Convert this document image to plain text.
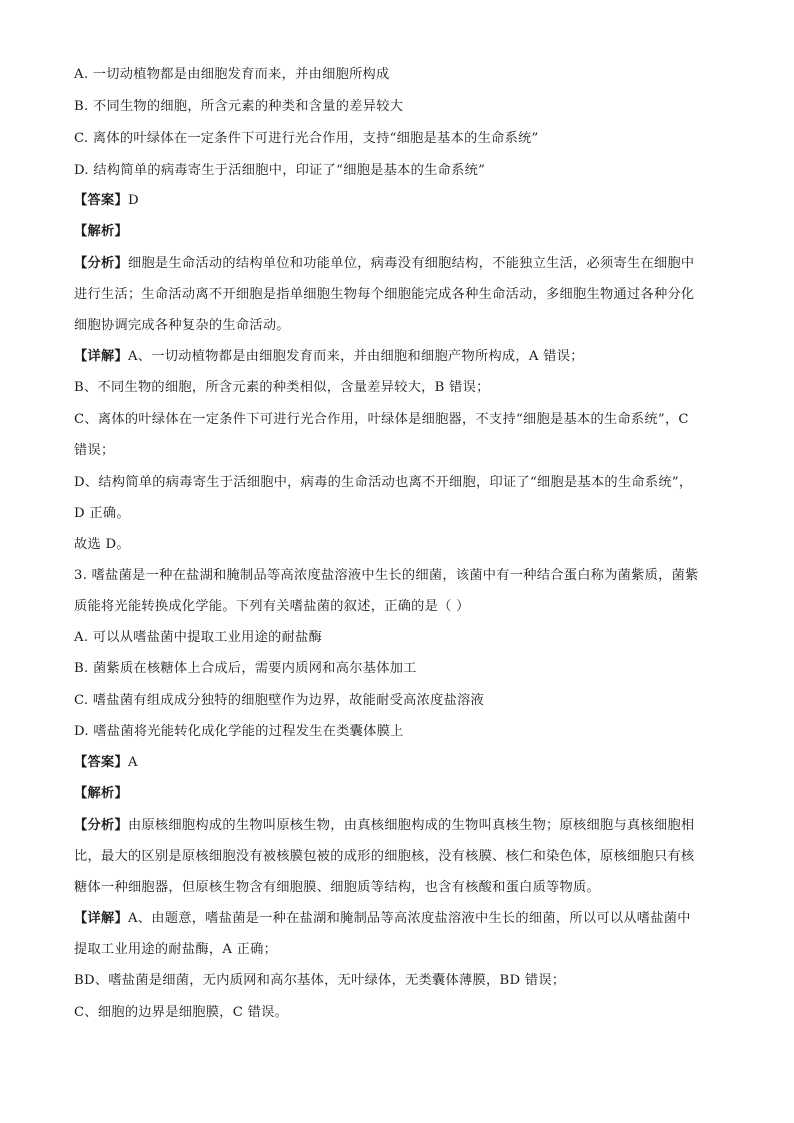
A. 一切动植物都是由细胞发育而来，并由细胞所构成
B. 不同生物的细胞，所含元素的种类和含量的差异较大
C. 离体的叶绿体在一定条件下可进行光合作用，支持“细胞是基本的生命系统”
D. 结构简单的病毒寄生于活细胞中，印证了“细胞是基本的生命系统”
【答案】D
【解析】
【分析】细胞是生命活动的结构单位和功能单位，病毒没有细胞结构，不能独立生活，必须寄生在细胞中
进行生活；生命活动离不开细胞是指单细胞生物每个细胞能完成各种生命活动，多细胞生物通过各种分化
细胞协调完成各种复杂的生命活动。
【详解】A、一切动植物都是由细胞发育而来，并由细胞和细胞产物所构成，A 错误；
B、不同生物的细胞，所含元素的种类相似，含量差异较大，B 错误；
C、离体的叶绿体在一定条件下可进行光合作用，叶绿体是细胞器，不支持“细胞是基本的生命系统”，C
错误；
D、结构简单的病毒寄生于活细胞中，病毒的生命活动也离不开细胞，印证了“细胞是基本的生命系统”，
D 正确。
故选 D。
3. 嗜盐菌是一种在盐湖和腌制品等高浓度盐溶液中生长的细菌，该菌中有一种结合蛋白称为菌紫质，菌紫
质能将光能转换成化学能。下列有关嗜盐菌的叙述，正确的是（ ）
A. 可以从嗜盐菌中提取工业用途的耐盐酶
B. 菌紫质在核糖体上合成后，需要内质网和高尔基体加工
C. 嗜盐菌有组成成分独特的细胞壁作为边界，故能耐受高浓度盐溶液
D. 嗜盐菌将光能转化成化学能的过程发生在类囊体膜上
【答案】A
【解析】
【分析】由原核细胞构成的生物叫原核生物，由真核细胞构成的生物叫真核生物；原核细胞与真核细胞相
比，最大的区别是原核细胞没有被核膜包被的成形的细胞核，没有核膜、核仁和染色体，原核细胞只有核
糖体一种细胞器，但原核生物含有细胞膜、细胞质等结构，也含有核酸和蛋白质等物质。
【详解】A、由题意，嗜盐菌是一种在盐湖和腌制品等高浓度盐溶液中生长的细菌，所以可以从嗜盐菌中
提取工业用途的耐盐酶，A 正确；
BD、嗜盐菌是细菌，无内质网和高尔基体，无叶绿体，无类囊体薄膜，BD 错误；
C、细胞的边界是细胞膜，C 错误。
